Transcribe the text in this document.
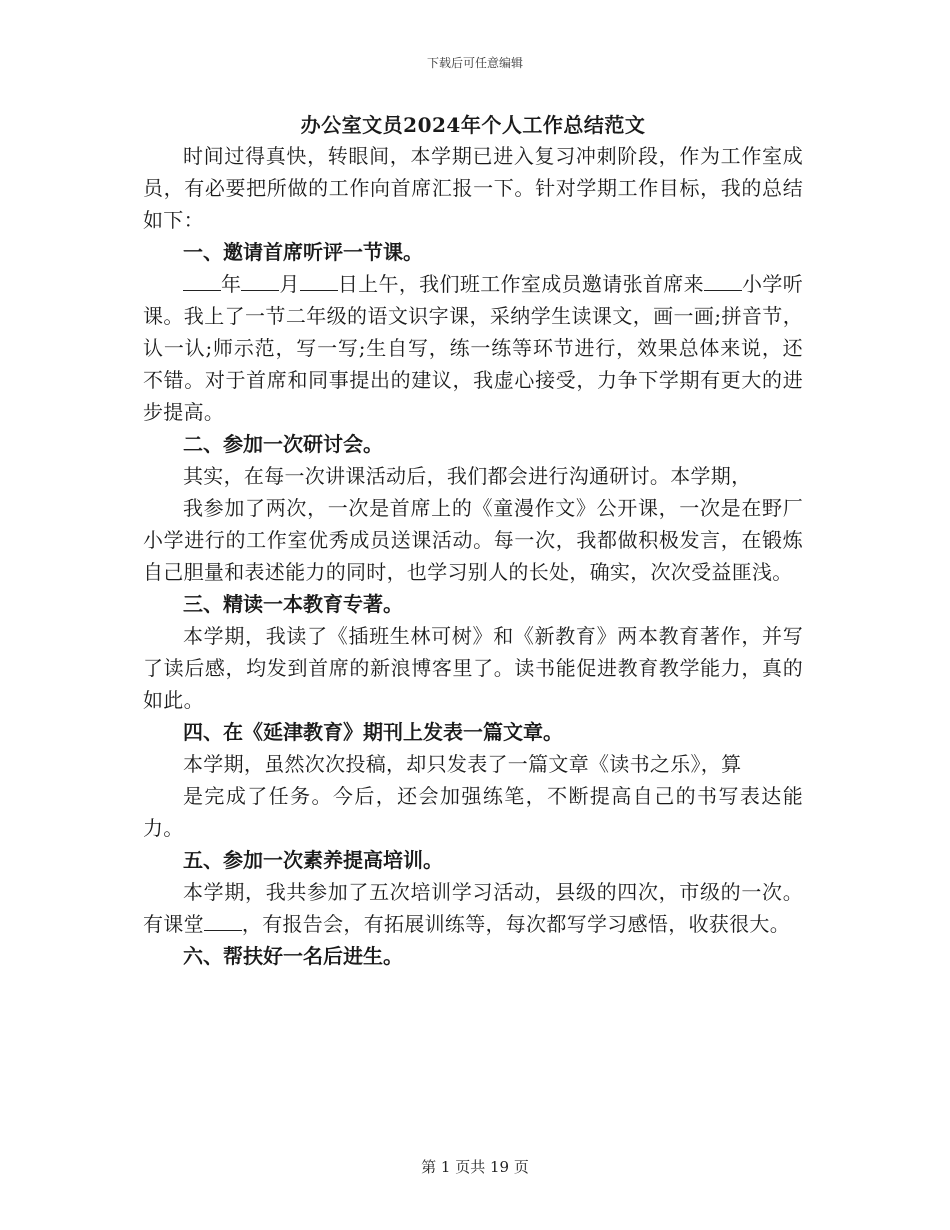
下载后可任意编辑
办公室文员2024年个人工作总结范文

时间过得真快，转眼间，本学期已进入复习冲刺阶段，作为工作室成员，有必要把所做的工作向首席汇报一下。针对学期工作目标，我的总结如下：

一、邀请首席听评一节课。

年 月 日上午，我们班工作室成员邀请张首席来 小学听课。我上了一节二年级的语文识字课，采纳学生读课文，画一画;拼音节，认一认;师示范，写一写;生自写，练一练等环节进行，效果总体来说，还不错。对于首席和同事提出的建议，我虚心接受，力争下学期有更大的进步提高。

二、参加一次研讨会。

其实，在每一次讲课活动后，我们都会进行沟通研讨。本学期，

我参加了两次，一次是首席上的《童漫作文》公开课，一次是在野厂小学进行的工作室优秀成员送课活动。每一次，我都做积极发言，在锻炼自己胆量和表述能力的同时，也学习别人的长处，确实，次次受益匪浅。

三、精读一本教育专著。

本学期，我读了《插班生林可树》和《新教育》两本教育著作，并写了读后感，均发到首席的新浪博客里了。读书能促进教育教学能力，真的如此。

四、在《延津教育》期刊上发表一篇文章。

本学期，虽然次次投稿，却只发表了一篇文章《读书之乐》，算

是完成了任务。今后，还会加强练笔，不断提高自己的书写表达能力。

五、参加一次素养提高培训。

本学期，我共参加了五次培训学习活动，县级的四次，市级的一次。有课堂 ，有报告会，有拓展训练等，每次都写学习感悟，收获很大。

六、帮扶好一名后进生。

第 1 页共 19 页
